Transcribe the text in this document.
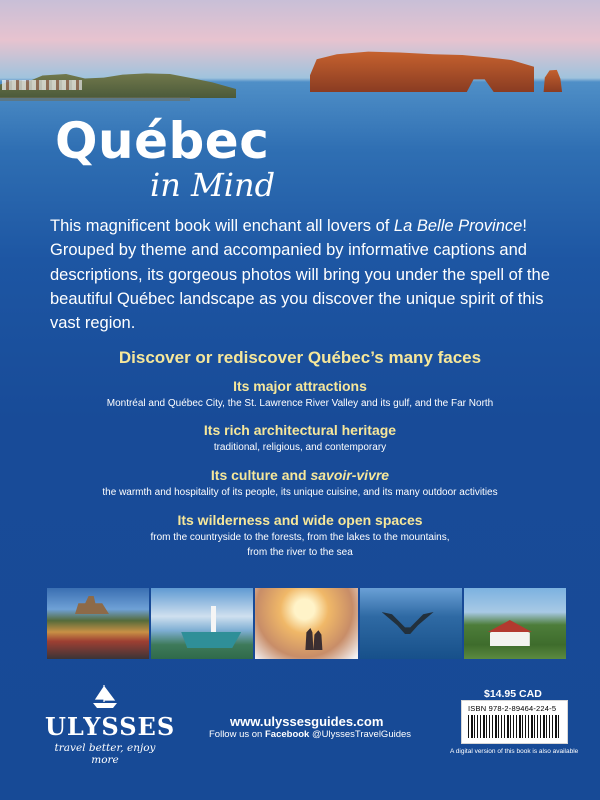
Québec
in Mind

This magnificent book will enchant all lovers of La Belle Province! Grouped by theme and accompanied by informative captions and descriptions, its gorgeous photos will bring you under the spell of the beautiful Québec landscape as you discover the unique spirit of this vast region.

Discover or rediscover Québec’s many faces
Its major attractions

Montréal and Québec City, the St. Lawrence River Valley and its gulf, and the Far North

Its rich architectural heritage

traditional, religious, and contemporary

Its culture and savoir-vivre

the warmth and hospitality of its people, its unique cuisine, and its many outdoor activities

Its wilderness and wide open spaces

from the countryside to the forests, from the lakes to the mountains,
from the river to the sea

ULYSSES
travel better, enjoy more
www.ulyssesguides.com
Follow us on Facebook @UlyssesTravelGuides
$14.95 CAD
ISBN 978-2-89464-224-5
A digital version of this book is also available
